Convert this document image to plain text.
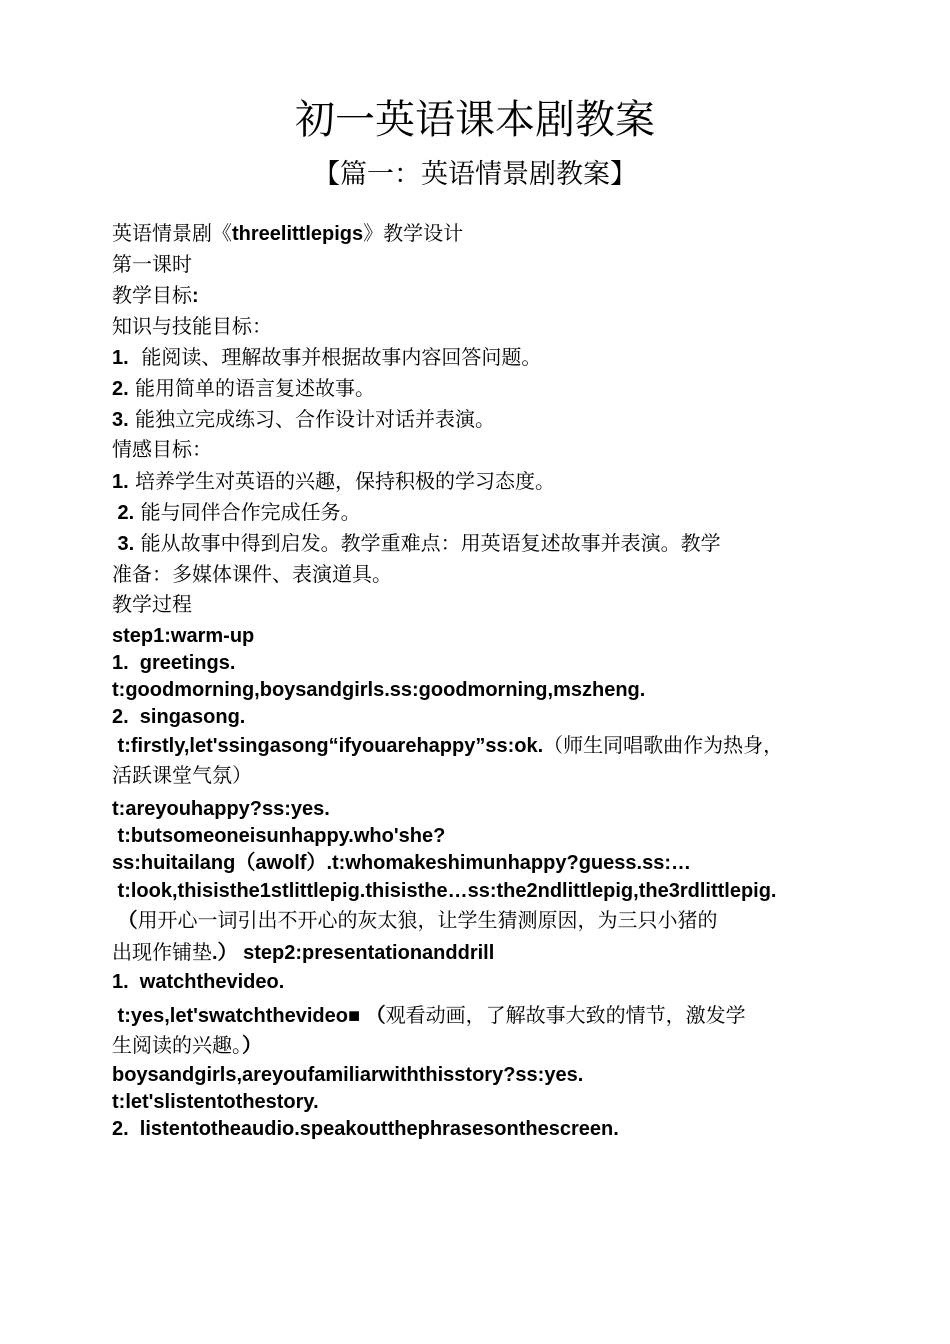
初一英语课本剧教案
【篇一：英语情景剧教案】

英语情景剧《threelittlepigs》教学设计

第一课时

教学目标:

知识与技能目标：

1.  能阅读、理解故事并根据故事内容回答问题。

2. 能用简单的语言复述故事。

3. 能独立完成练习、合作设计对话并表演。

情感目标：

1. 培养学生对英语的兴趣，保持积极的学习态度。

2. 能与同伴合作完成任务。

3. 能从故事中得到启发。教学重难点：用英语复述故事并表演。教学

准备：多媒体课件、表演道具。

教学过程

step1:warm-up

1.  greetings.

t:goodmorning,boysandgirls.ss:goodmorning,mszheng.

2.  singasong.

t:firstly,let'ssingasong“ifyouarehappy”ss:ok.（师生同唱歌曲作为热身，

活跃课堂气氛）

t:areyouhappy?ss:yes.

t:butsomeoneisunhappy.who'she?

ss:huitailang（awolf）.t:whomakeshimunhappy?guess.ss:…

t:look,thisisthe1stlittlepig.thisisthe…ss:the2ndlittlepig,the3rdlittlepig.

（用开心一词引出不开心的灰太狼，让学生猜测原因，为三只小猪的

出现作铺垫.） step2:presentationanddrill

1.  watchthevideo.

t:yes,let'swatchthevideo■ （观看动画，了解故事大致的情节，激发学

生阅读的兴趣。）

boysandgirls,areyoufamiliarwiththisstory?ss:yes.

t:let'slistentothestory.

2.  listentotheaudio.speakoutthephrasesonthescreen.
